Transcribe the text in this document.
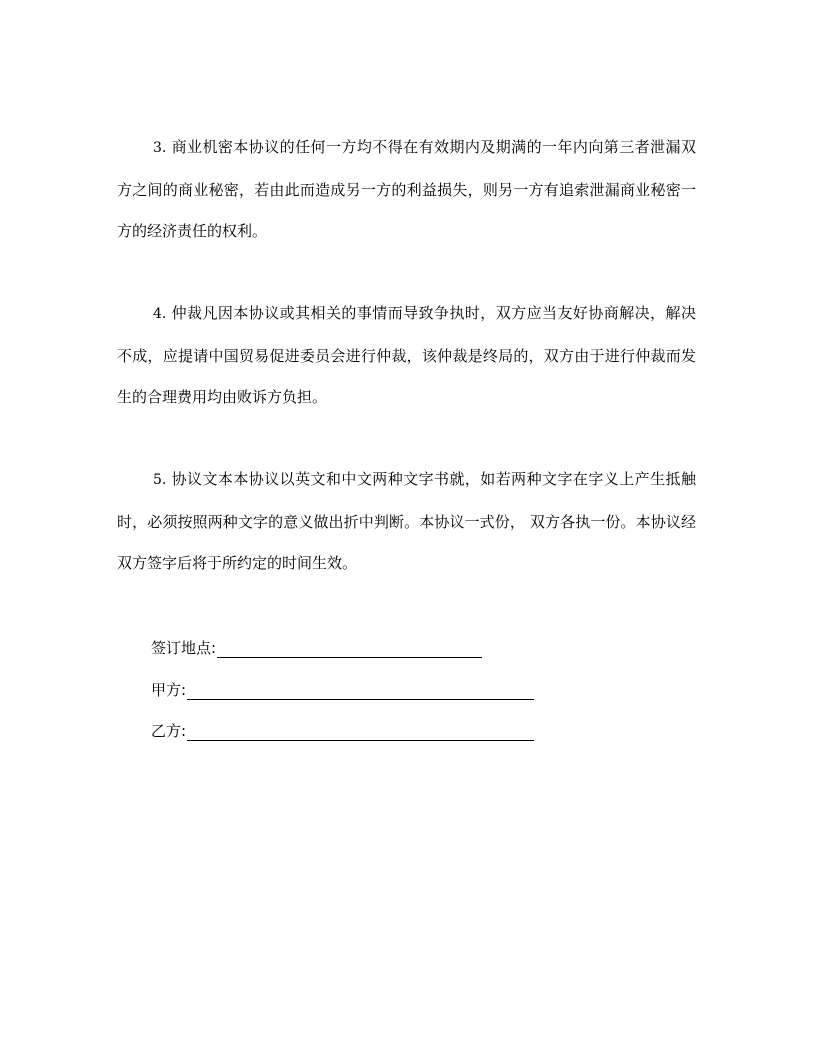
3. 商业机密本协议的任何一方均不得在有效期内及期满的一年内向第三者泄漏双方之间的商业秘密，若由此而造成另一方的利益损失，则另一方有追索泄漏商业秘密一方的经济责任的权利。

4. 仲裁凡因本协议或其相关的事情而导致争执时，双方应当友好协商解决，解决不成，应提请中国贸易促进委员会进行仲裁，该仲裁是终局的，双方由于进行仲裁而发生的合理费用均由败诉方负担。

5. 协议文本本协议以英文和中文两种文字书就，如若两种文字在字义上产生抵触时，必须按照两种文字的意义做出折中判断。本协议一式份， 双方各执一份。本协议经双方签字后将于所约定的时间生效。

签订地点:
甲方:
乙方:
